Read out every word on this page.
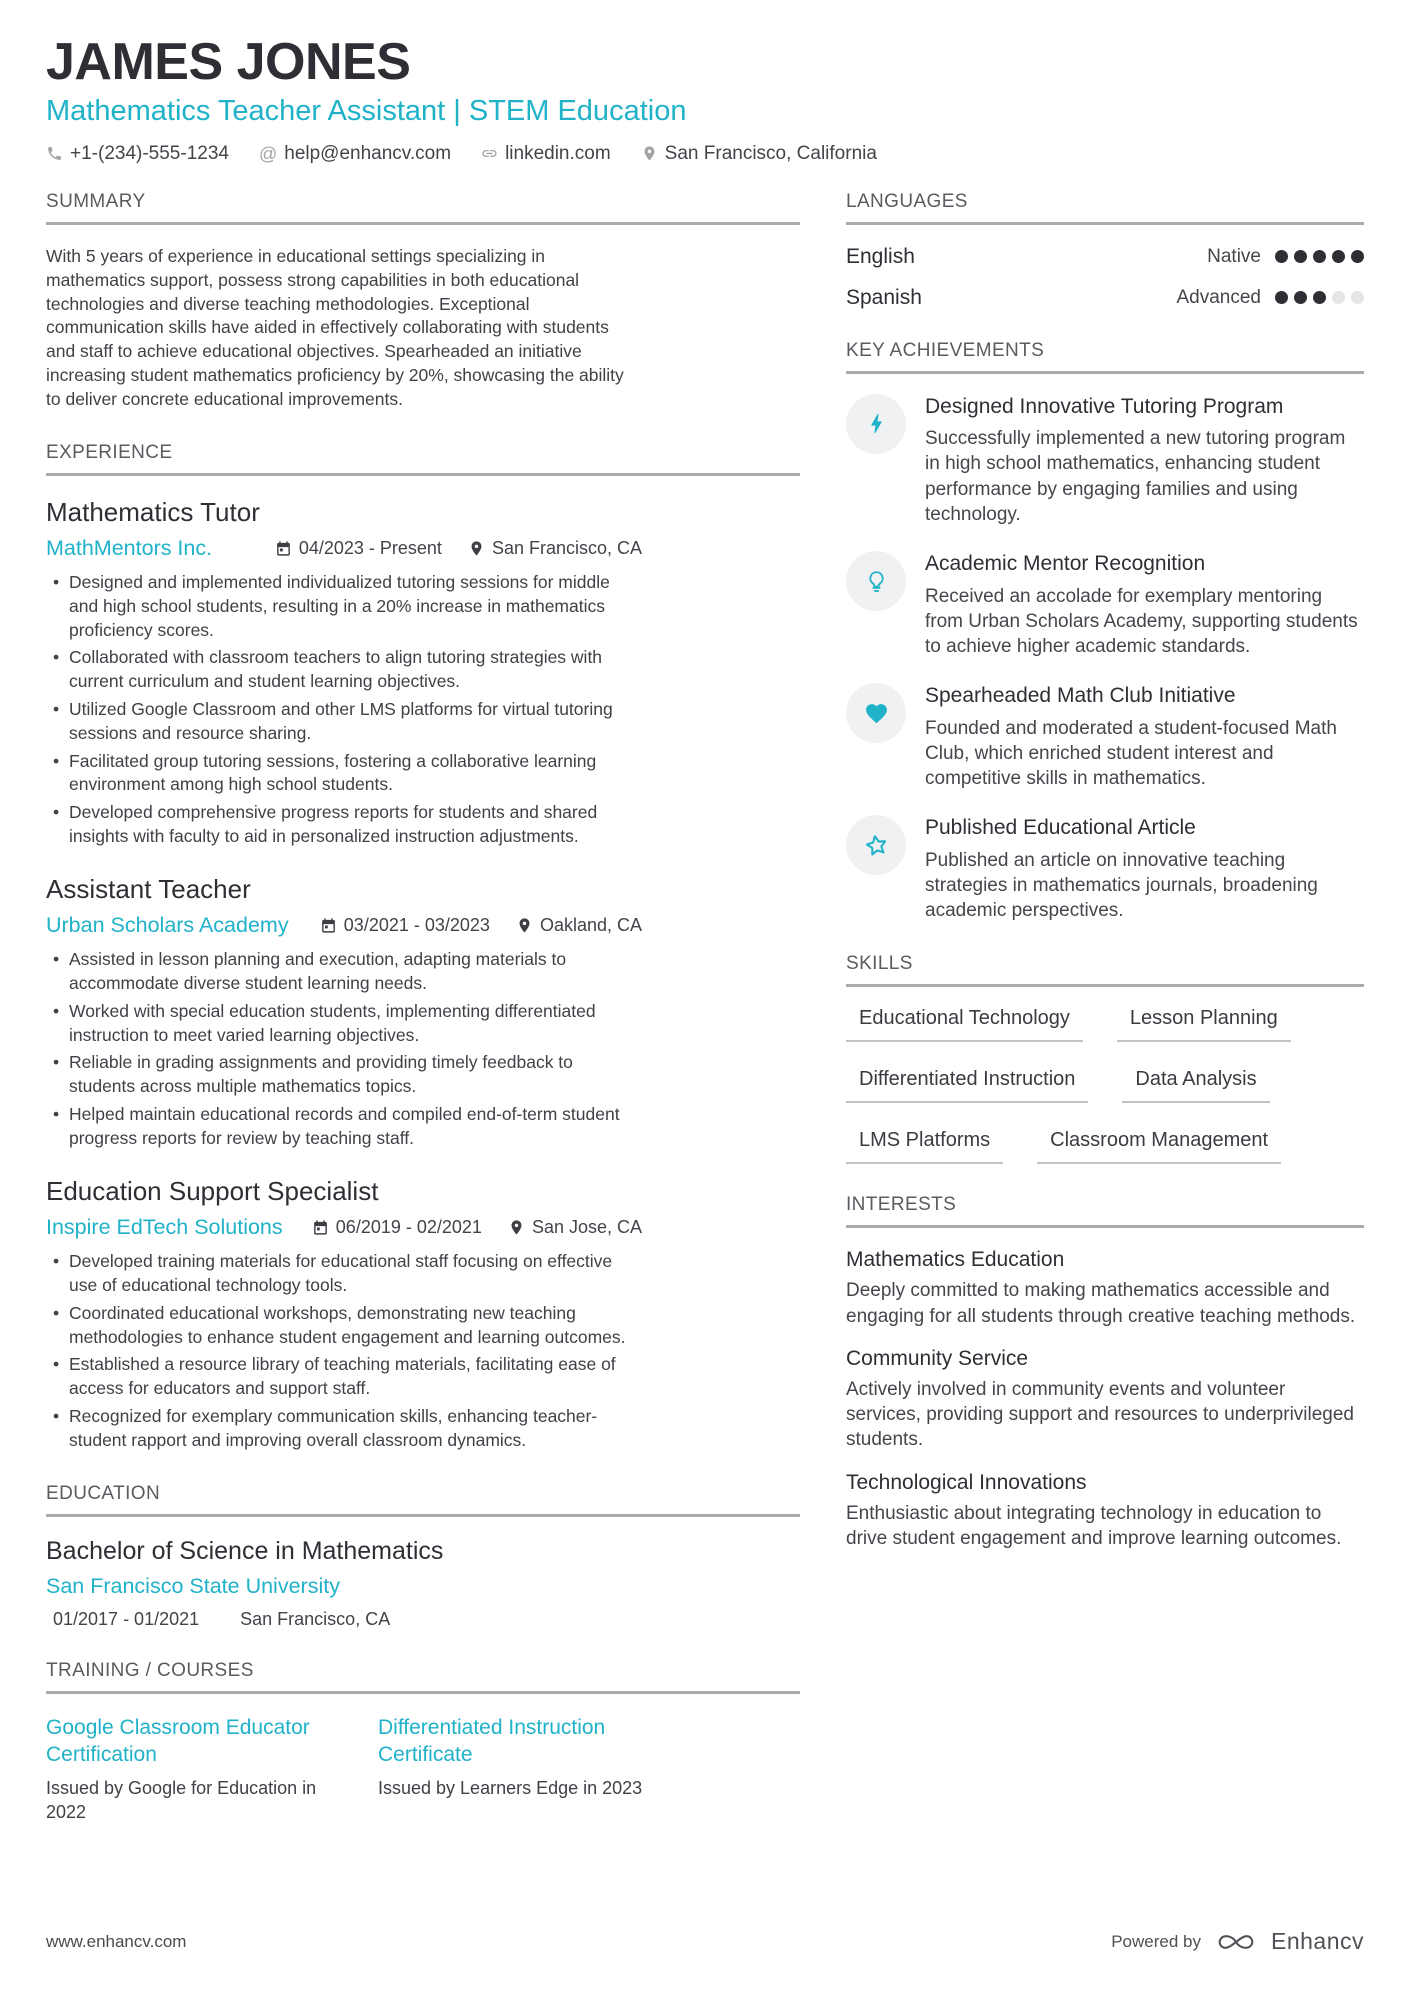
JAMES JONES
Mathematics Teacher Assistant | STEM Education
+1-(234)-555-1234 @ help@enhancv.com	linkedin.com	San Francisco, California
SUMMARY

With 5 years of experience in educational settings specializing in mathematics support, possess strong capabilities in both educational technologies and diverse teaching methodologies. Exceptional communication skills have aided in effectively collaborating with students and staff to achieve educational objectives. Spearheaded an initiative increasing student mathematics proficiency by 20%, showcasing the ability to deliver concrete educational improvements.

EXPERIENCE
Mathematics Tutor
MathMentors Inc.	04/2023 - Present	San Francisco, CA
• Designed and implemented individualized tutoring sessions for middle and high school students, resulting in a 20% increase in mathematics proficiency scores.
• Collaborated with classroom teachers to align tutoring strategies with current curriculum and student learning objectives.
• Utilized Google Classroom and other LMS platforms for virtual tutoring sessions and resource sharing.
• Facilitated group tutoring sessions, fostering a collaborative learning environment among high school students.
• Developed comprehensive progress reports for students and shared insights with faculty to aid in personalized instruction adjustments.
Assistant Teacher
Urban Scholars Academy	03/2021 - 03/2023	Oakland, CA
• Assisted in lesson planning and execution, adapting materials to accommodate diverse student learning needs.
• Worked with special education students, implementing differentiated instruction to meet varied learning objectives.
• Reliable in grading assignments and providing timely feedback to students across multiple mathematics topics.
• Helped maintain educational records and compiled end-of-term student progress reports for review by teaching staff.
Education Support Specialist
Inspire EdTech Solutions	06/2019 - 02/2021	San Jose, CA
• Developed training materials for educational staff focusing on effective use of educational technology tools.
• Coordinated educational workshops, demonstrating new teaching methodologies to enhance student engagement and learning outcomes.
• Established a resource library of teaching materials, facilitating ease of access for educators and support staff.
• Recognized for exemplary communication skills, enhancing teacher-student rapport and improving overall classroom dynamics.
EDUCATION
Bachelor of Science in Mathematics
San Francisco State University
01/2017 - 01/2021 San Francisco, CA
TRAINING / COURSES
Google Classroom Educator Certification
Issued by Google for Education in 2022
Differentiated Instruction Certificate
Issued by Learners Edge in 2023
LANGUAGES
English	Native
Spanish	Advanced
KEY ACHIEVEMENTS
Designed Innovative Tutoring Program
Successfully implemented a new tutoring program in high school mathematics, enhancing student performance by engaging families and using technology.
Academic Mentor Recognition
Received an accolade for exemplary mentoring from Urban Scholars Academy, supporting students to achieve higher academic standards.
Spearheaded Math Club Initiative
Founded and moderated a student-focused Math Club, which enriched student interest and competitive skills in mathematics.
Published Educational Article
Published an article on innovative teaching strategies in mathematics journals, broadening academic perspectives.
SKILLS
Educational Technology	Lesson Planning
Differentiated Instruction	Data Analysis
LMS Platforms	Classroom Management
INTERESTS
Mathematics Education
Deeply committed to making mathematics accessible and engaging for all students through creative teaching methods.
Community Service
Actively involved in community events and volunteer services, providing support and resources to underprivileged students.
Technological Innovations
Enthusiastic about integrating technology in education to drive student engagement and improve learning outcomes.
www.enhancv.com	Powered by	Enhancv
